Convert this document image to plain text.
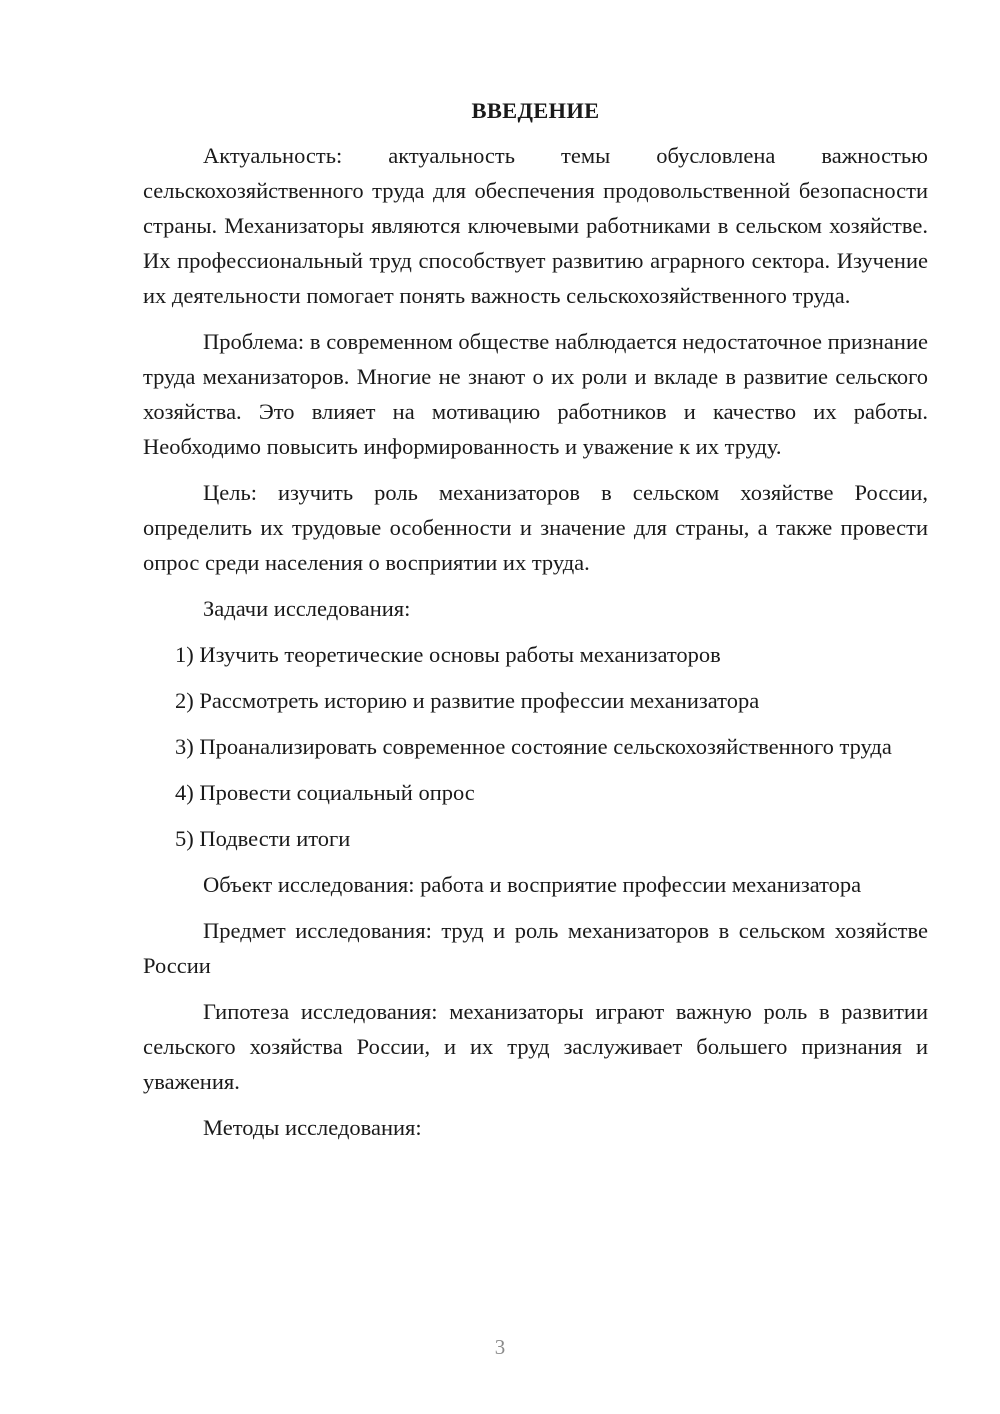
ВВЕДЕНИЕ

Актуальность: актуальность темы обусловлена важностью сельскохозяйственного труда для обеспечения продовольственной безопасности страны. Механизаторы являются ключевыми работниками в сельском хозяйстве. Их профессиональный труд способствует развитию аграрного сектора. Изучение их деятельности помогает понять важность сельскохозяйственного труда.

Проблема: в современном обществе наблюдается недостаточное признание труда механизаторов. Многие не знают о их роли и вкладе в развитие сельского хозяйства. Это влияет на мотивацию работников и качество их работы. Необходимо повысить информированность и уважение к их труду.

Цель: изучить роль механизаторов в сельском хозяйстве России, определить их трудовые особенности и значение для страны, а также провести опрос среди населения о восприятии их труда.

Задачи исследования:

1) Изучить теоретические основы работы механизаторов

2) Рассмотреть историю и развитие профессии механизатора

3) Проанализировать современное состояние сельскохозяйственного труда

4) Провести социальный опрос

5) Подвести итоги

Объект исследования: работа и восприятие профессии механизатора

Предмет исследования: труд и роль механизаторов в сельском хозяйстве России

Гипотеза исследования: механизаторы играют важную роль в развитии сельского хозяйства России, и их труд заслуживает большего признания и уважения.

Методы исследования:

3
